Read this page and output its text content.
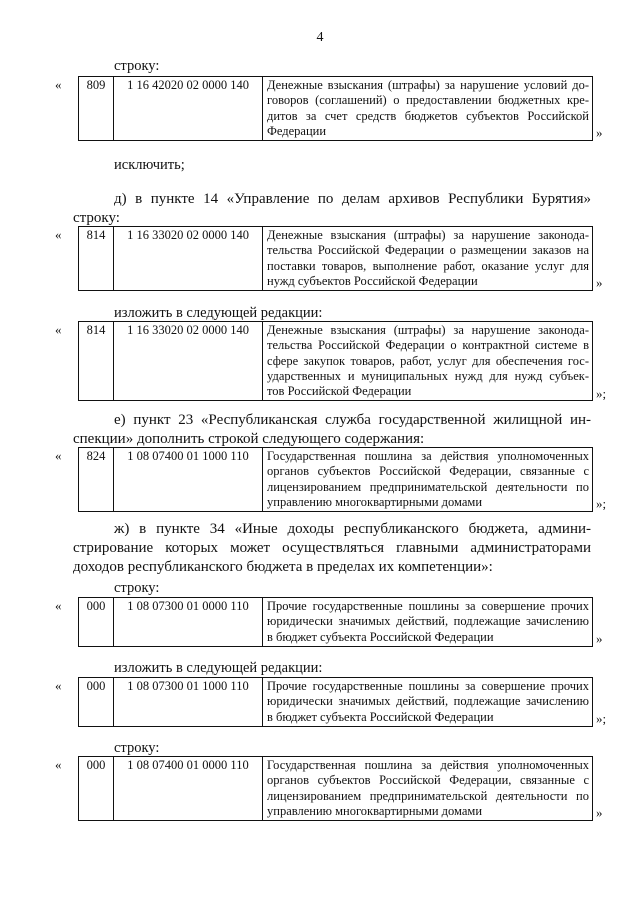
4
строку:
«	809	1 16 42020 02 0000 140	Денежные взыскания (штрафы) за нарушение условий до-
говоров (соглашений) о предоставлении бюджетных кре-
дитов за счет средств бюджетов субъектов Российской
Федерации	»
исключить;
д) в пункте 14 «Управление по делам архивов Республики Бурятия»
строку:
«	814	1 16 33020 02 0000 140	Денежные взыскания (штрафы) за нарушение законода-
тельства Российской Федерации о размещении заказов на
поставки товаров, выполнение работ, оказание услуг для
нужд субъектов Российской Федерации	»
изложить в следующей редакции:
«	814	1 16 33020 02 0000 140	Денежные взыскания (штрафы) за нарушение законода-
тельства Российской Федерации о контрактной системе в
сфере закупок товаров, работ, услуг для обеспечения гос-
ударственных и муниципальных нужд для нужд субъек-
тов Российской Федерации	»;
е) пункт 23 «Республиканская служба государственной жилищной ин-
спекции» дополнить строкой следующего содержания:
«	824	1 08 07400 01 1000 110	Государственная пошлина за действия уполномоченных
органов субъектов Российской Федерации, связанные с
лицензированием предпринимательской деятельности по
управлению многоквартирными домами	»;
ж) в пункте 34 «Иные доходы республиканского бюджета, админи-
стрирование которых может осуществляться главными администраторами
доходов республиканского бюджета в пределах их компетенции»:
строку:
«	000	1 08 07300 01 0000 110	Прочие государственные пошлины за совершение прочих
юридически значимых действий, подлежащие зачислению
в бюджет субъекта Российской Федерации	»
изложить в следующей редакции:
«	000	1 08 07300 01 1000 110	Прочие государственные пошлины за совершение прочих
юридически значимых действий, подлежащие зачислению
в бюджет субъекта Российской Федерации	»;
строку:
«	000	1 08 07400 01 0000 110	Государственная пошлина за действия уполномоченных
органов субъектов Российской Федерации, связанные с
лицензированием предпринимательской деятельности по
управлению многоквартирными домами	»
